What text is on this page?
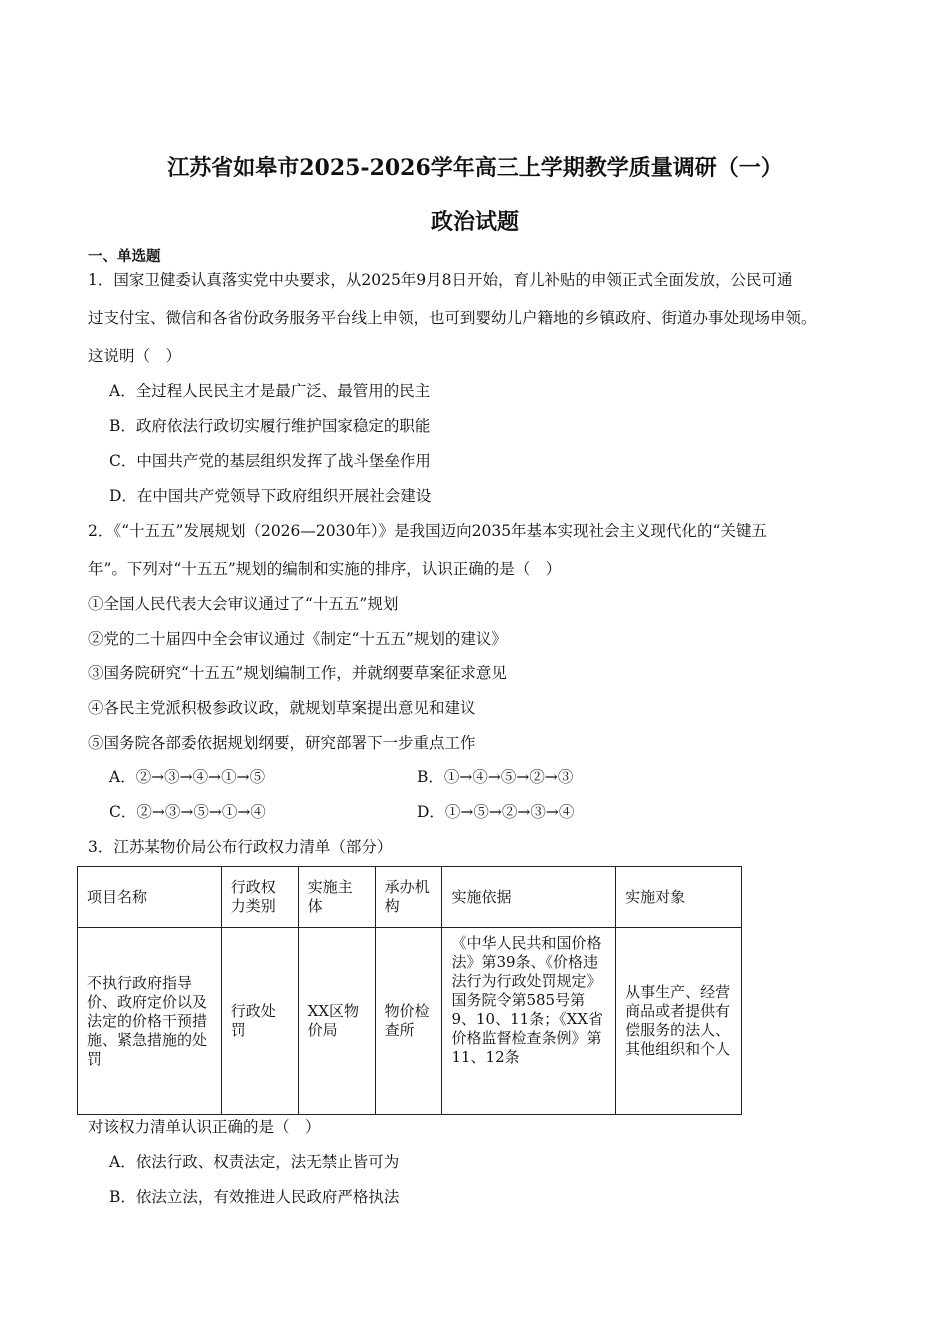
江苏省如皋市2025-2026学年高三上学期教学质量调研（一）
政治试题
一、单选题
1．国家卫健委认真落实党中央要求，从2025年9月8日开始，育儿补贴的申领正式全面发放，公民可通
过支付宝、微信和各省份政务服务平台线上申领，也可到婴幼儿户籍地的乡镇政府、街道办事处现场申领。
这说明（　）
A．全过程人民民主才是最广泛、最管用的民主
B．政府依法行政切实履行维护国家稳定的职能
C．中国共产党的基层组织发挥了战斗堡垒作用
D．在中国共产党领导下政府组织开展社会建设
2．《“十五五”发展规划（2026—2030年）》是我国迈向2035年基本实现社会主义现代化的“关键五
年”。下列对“十五五”规划的编制和实施的排序，认识正确的是（　）
①全国人民代表大会审议通过了“十五五”规划
②党的二十届四中全会审议通过《制定“十五五”规划的建议》
③国务院研究“十五五”规划编制工作，并就纲要草案征求意见
④各民主党派积极参政议政，就规划草案提出意见和建议
⑤国务院各部委依据规划纲要，研究部署下一步重点工作
A．②→③→④→①→⑤	B．①→④→⑤→②→③
C．②→③→⑤→①→④	D．①→⑤→②→③→④
3．江苏某物价局公布行政权力清单（部分）
项目名称	行政权力类别	实施主体	承办机构	实施依据	实施对象

不执行政府指导价、政府定价以及法定的价格干预措施、紧急措施的处罚	行政处罚	XX区物价局	物价检查所	《中华人民共和国价格法》第39条、《价格违法行为行政处罚规定》国务院令第585号第9、10、11条；《XX省价格监督检查条例》第11、12条	从事生产、经营商品或者提供有偿服务的法人、其他组织和个人
对该权力清单认识正确的是（　）
A．依法行政、权责法定，法无禁止皆可为
B．依法立法，有效推进人民政府严格执法
